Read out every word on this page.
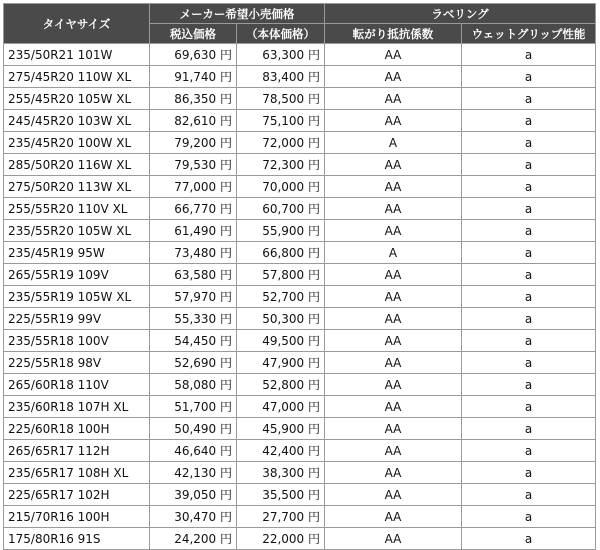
タイヤサイズ	メーカー希望小売価格		ラベリング	
	税込価格	（本体価格）	転がり抵抗係数	ウェットグリップ性能
235/50R21 101W	69,630 円	63,300 円	AA	a
275/45R20 110W XL	91,740 円	83,400 円	AA	a
255/45R20 105W XL	86,350 円	78,500 円	AA	a
245/45R20 103W XL	82,610 円	75,100 円	AA	a
235/45R20 100W XL	79,200 円	72,000 円	A	a
285/50R20 116W XL	79,530 円	72,300 円	AA	a
275/50R20 113W XL	77,000 円	70,000 円	AA	a
255/55R20 110V XL	66,770 円	60,700 円	AA	a
235/55R20 105W XL	61,490 円	55,900 円	AA	a
235/45R19 95W	73,480 円	66,800 円	A	a
265/55R19 109V	63,580 円	57,800 円	AA	a
235/55R19 105W XL	57,970 円	52,700 円	AA	a
225/55R19 99V	55,330 円	50,300 円	AA	a
235/55R18 100V	54,450 円	49,500 円	AA	a
225/55R18 98V	52,690 円	47,900 円	AA	a
265/60R18 110V	58,080 円	52,800 円	AA	a
235/60R18 107H XL	51,700 円	47,000 円	AA	a
225/60R18 100H	50,490 円	45,900 円	AA	a
265/65R17 112H	46,640 円	42,400 円	AA	a
235/65R17 108H XL	42,130 円	38,300 円	AA	a
225/65R17 102H	39,050 円	35,500 円	AA	a
215/70R16 100H	30,470 円	27,700 円	AA	a
175/80R16 91S	24,200 円	22,000 円	AA	a
